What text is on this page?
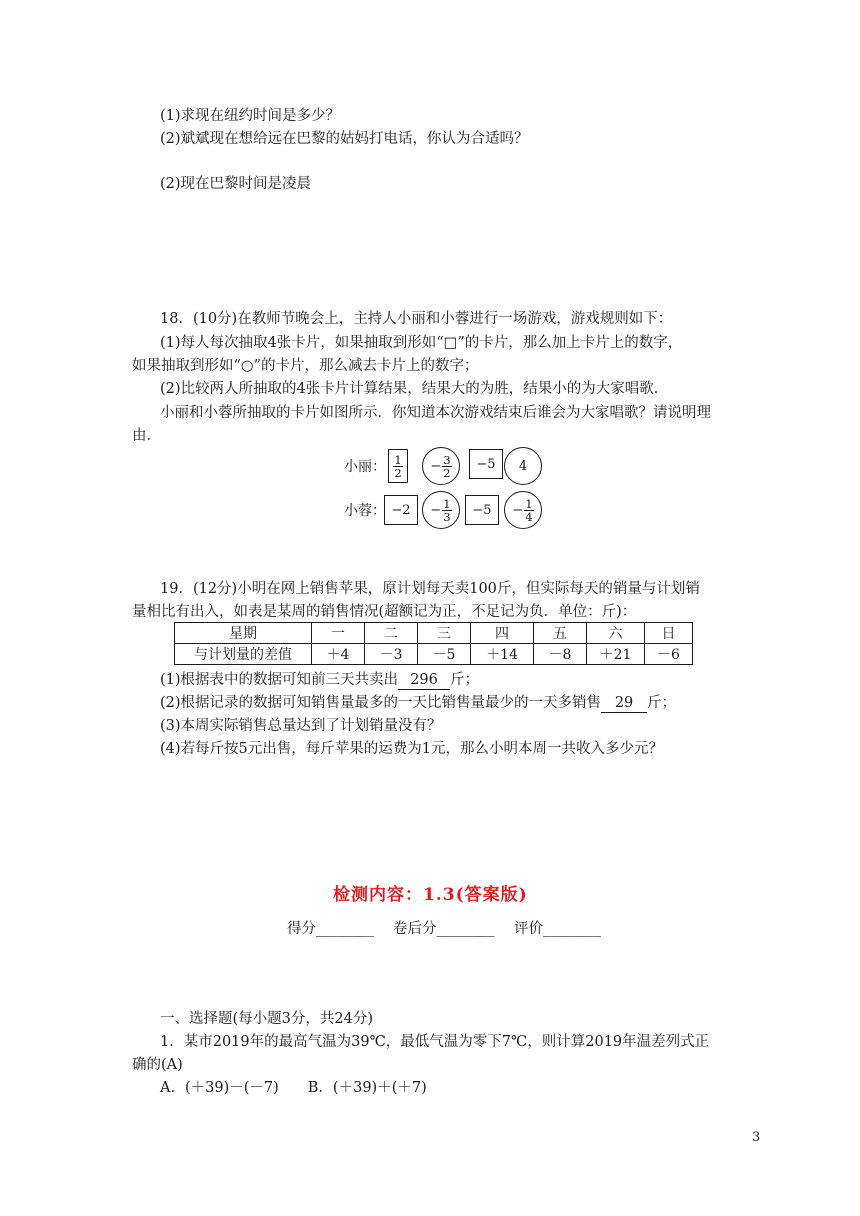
(1)求现在纽约时间是多少？
(2)斌斌现在想给远在巴黎的姑妈打电话，你认为合适吗？
(2)现在巴黎时间是凌晨
18．(10分)在教师节晚会上，主持人小丽和小蓉进行一场游戏，游戏规则如下：
(1)每人每次抽取4张卡片，如果抽取到形如“□”的卡片，那么加上卡片上的数字，
如果抽取到形如“○”的卡片，那么减去卡片上的数字；
(2)比较两人所抽取的4张卡片计算结果，结果大的为胜，结果小的为大家唱歌．
小丽和小蓉所抽取的卡片如图所示．你知道本次游戏结束后谁会为大家唱歌？请说明理
由．
小丽： $\frac{1}{2} - \frac{3}{2}$	−5	4
小蓉： −2	− $\frac{1}{3}$	−5	− $\frac{1}{4}$
19．(12分)小明在网上销售苹果，原计划每天卖100斤，但实际每天的销量与计划销
量相比有出入，如表是某周的销售情况(超额记为正，不足记为负．单位：斤)：
星期	一	二	三	四	五	六	日
与计划量的差值	＋4	－3	－5	＋14	－8	＋21	－6
(1)根据表中的数据可知前三天共卖出 296 斤；
(2)根据记录的数据可知销售量最多的一天比销售量最少的一天多销售 29 斤；
(3)本周实际销售总量达到了计划销量没有？
(4)若每斤按5元出售，每斤苹果的运费为1元，那么小明本周一共收入多少元？
检测内容：1.3(答案版)
得分________ 卷后分________ 评价________
一、选择题(每小题3分，共24分)
1．某市2019年的最高气温为39℃，最低气温为零下7℃，则计算2019年温差列式正
确的(A)
A．(＋39)－(－7)　　B．(＋39)＋(＋7)
3
